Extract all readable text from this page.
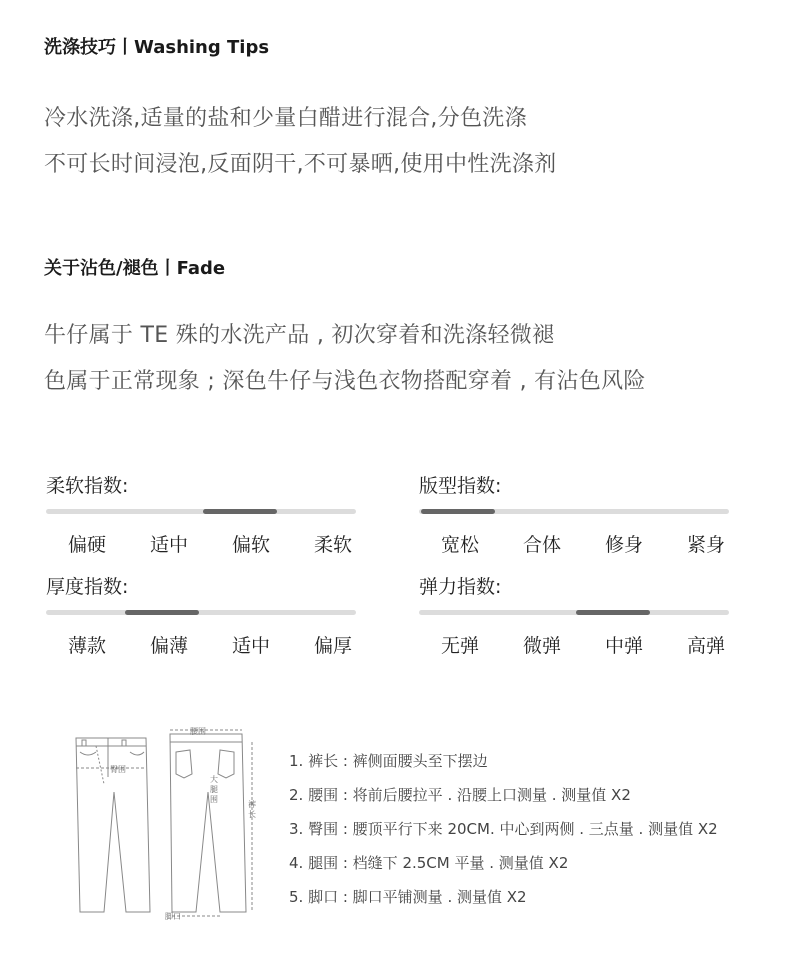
洗涤技巧丨Washing Tips
冷水洗涤,适量的盐和少量白醋进行混合,分色洗涤
不可长时间浸泡,反面阴干,不可暴晒,使用中性洗涤剂
关于沾色/褪色丨Fade
牛仔属于 TE 殊的水洗产品 , 初次穿着和洗涤轻微褪
色属于正常现象 ; 深色牛仔与浅色衣物搭配穿着 , 有沾色风险
柔软指数:
偏硬	适中	偏软	柔软
版型指数:
宽松	合体	修身	紧身
厚度指数:
薄款	偏薄	适中	偏厚
弹力指数:
无弹	微弹	中弹	高弹
臀围
腰围
大
腿
围
裤
长
脚口
1. 裤长 : 裤侧面腰头至下摆边
2. 腰围 : 将前后腰拉平 . 沿腰上口测量 . 测量值 X2
3. 臀围 : 腰顶平行下来 20CM. 中心到两侧 . 三点量 . 测量值 X2
4. 腿围 : 档缝下 2.5CM 平量 . 测量值 X2
5. 脚口 : 脚口平铺测量 . 测量值 X2
